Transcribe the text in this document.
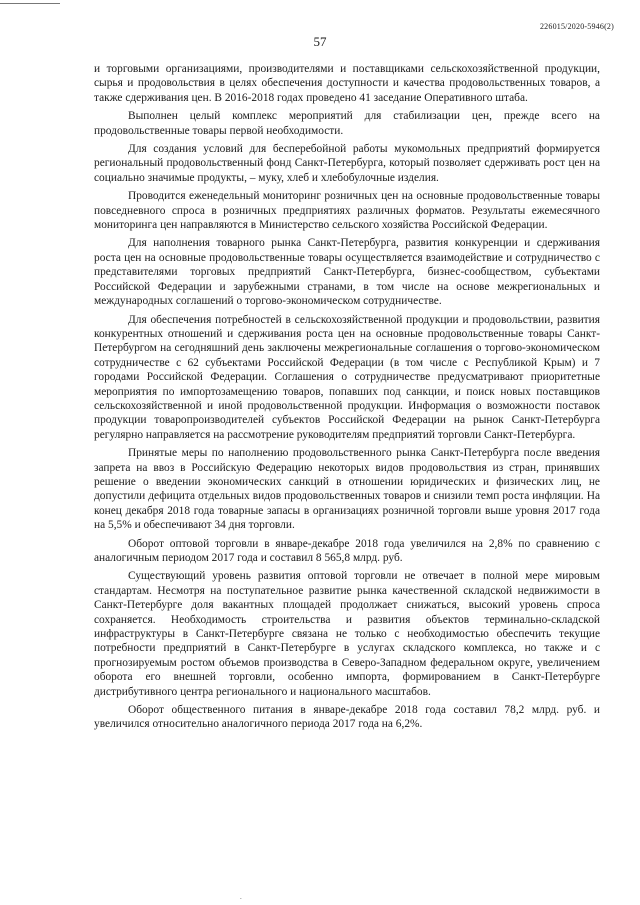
57
226015/2020-5946(2)

и торговыми организациями, производителями и поставщиками сельскохозяйственной продукции, сырья и продовольствия в целях обеспечения доступности и качества продовольственных товаров, а также сдерживания цен. В 2016-2018 годах проведено 41 заседание Оперативного штаба.

Выполнен целый комплекс мероприятий для стабилизации цен, прежде всего на продовольственные товары первой необходимости.

Для создания условий для бесперебойной работы мукомольных предприятий формируется региональный продовольственный фонд Санкт-Петербурга, который позволяет сдерживать рост цен на социально значимые продукты, – муку, хлеб и хлебобулочные изделия.

Проводится еженедельный мониторинг розничных цен на основные продовольственные товары повседневного спроса в розничных предприятиях различных форматов. Результаты ежемесячного мониторинга цен направляются в Министерство сельского хозяйства Российской Федерации.

Для наполнения товарного рынка Санкт-Петербурга, развития конкуренции и сдерживания роста цен на основные продовольственные товары осуществляется взаимодействие и сотрудничество с представителями торговых предприятий Санкт-Петербурга, бизнес-сообществом, субъектами Российской Федерации и зарубежными странами, в том числе на основе межрегиональных и международных соглашений о торгово-экономическом сотрудничестве.

Для обеспечения потребностей в сельскохозяйственной продукции и продовольствии, развития конкурентных отношений и сдерживания роста цен на основные продовольственные товары Санкт-Петербургом на сегодняшний день заключены межрегиональные соглашения о торгово-экономическом сотрудничестве с 62 субъектами Российской Федерации (в том числе с Республикой Крым) и 7 городами Российской Федерации. Соглашения о сотрудничестве предусматривают приоритетные мероприятия по импортозамещению товаров, попавших под санкции, и поиск новых поставщиков сельскохозяйственной и иной продовольственной продукции. Информация о возможности поставок продукции товаропроизводителей субъектов Российской Федерации на рынок Санкт-Петербурга регулярно направляется на рассмотрение руководителям предприятий торговли Санкт-Петербурга.

Принятые меры по наполнению продовольственного рынка Санкт-Петербурга после введения запрета на ввоз в Российскую Федерацию некоторых видов продовольствия из стран, принявших решение о введении экономических санкций в отношении юридических и физических лиц, не допустили дефицита отдельных видов продовольственных товаров и снизили темп роста инфляции. На конец декабря 2018 года товарные запасы в организациях розничной торговли выше уровня 2017 года на 5,5% и обеспечивают 34 дня торговли.

Оборот оптовой торговли в январе-декабре 2018 года увеличился на 2,8% по сравнению с аналогичным периодом 2017 года и составил 8 565,8 млрд. руб.

Существующий уровень развития оптовой торговли не отвечает в полной мере мировым стандартам. Несмотря на поступательное развитие рынка качественной складской недвижимости в Санкт-Петербурге доля вакантных площадей продолжает снижаться, высокий уровень спроса сохраняется. Необходимость строительства и развития объектов терминально-складской инфраструктуры в Санкт-Петербурге связана не только с необходимостью обеспечить текущие потребности предприятий в Санкт-Петербурге в услугах складского комплекса, но также и с прогнозируемым ростом объемов производства в Северо-Западном федеральном округе, увеличением оборота его внешней торговли, особенно импорта, формированием в Санкт-Петербурге дистрибутивного центра регионального и национального масштабов.

Оборот общественного питания в январе-декабре 2018 года составил 78,2 млрд. руб. и увеличился относительно аналогичного периода 2017 года на 6,2%.

.
